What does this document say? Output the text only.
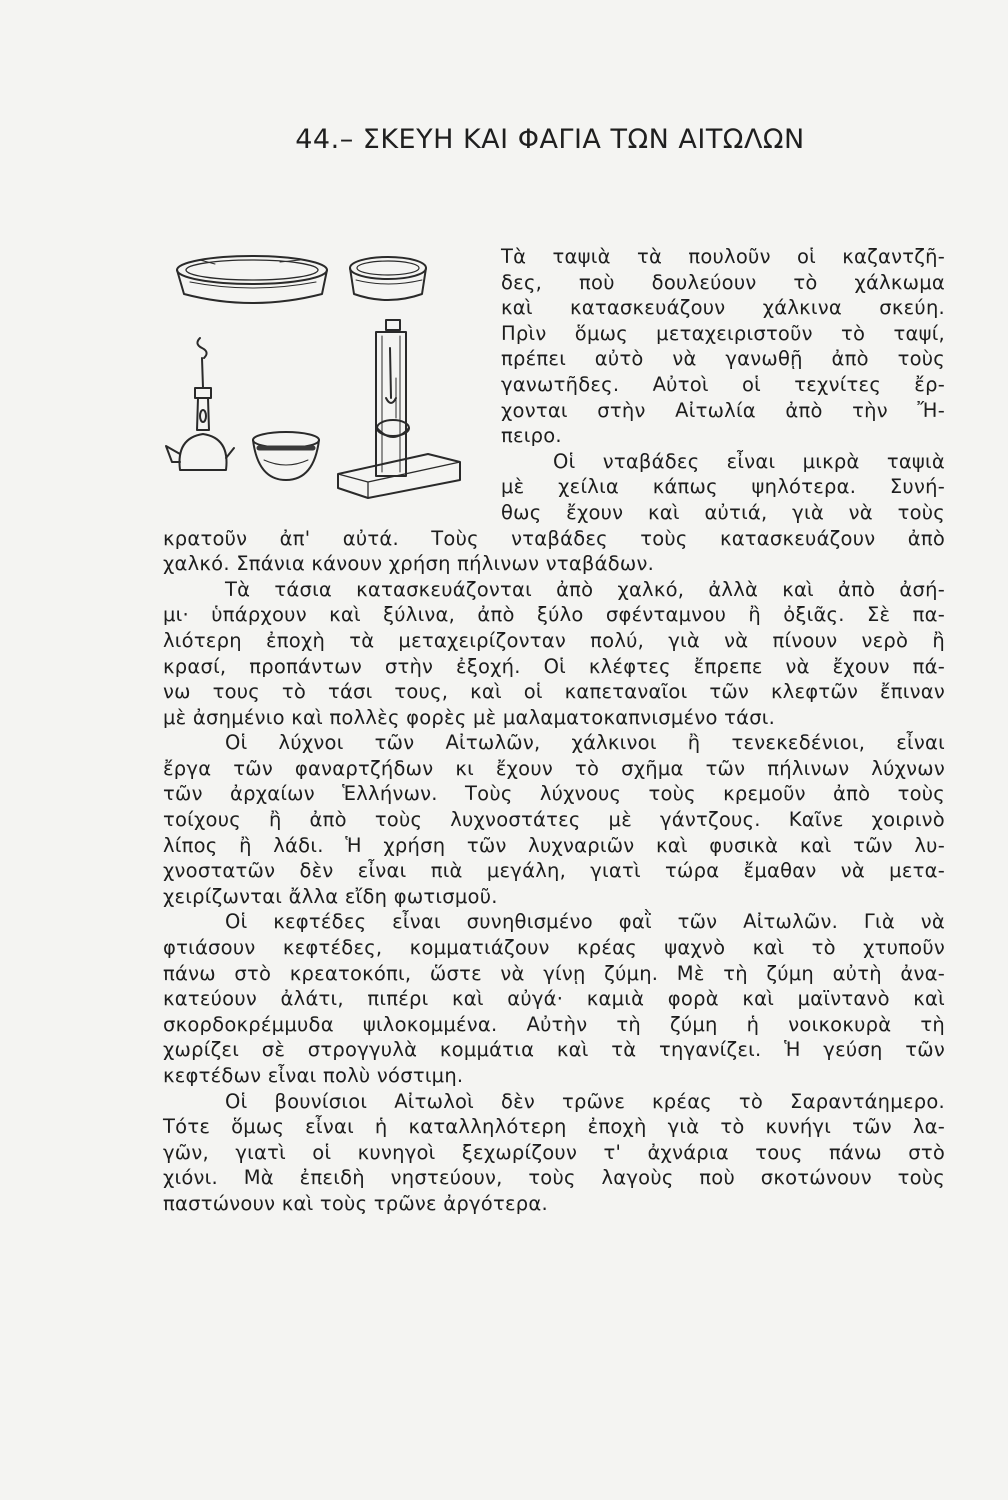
44.– ΣΚΕΥΗ ΚΑΙ ΦΑΓΙΑ ΤΩΝ ΑΙΤΩΛΩΝ
Τὰ ταψιὰ τὰ πουλοῦν οἱ καζαντζῆ-
δες, ποὺ δουλεύουν τὸ χάλκωμα
καὶ κατασκευάζουν χάλκινα σκεύη.
Πρὶν ὅμως μεταχειριστοῦν τὸ ταψί,
πρέπει αὐτὸ νὰ γανωθῇ ἀπὸ τοὺς
γανωτῆδες. Αὐτοὶ οἱ τεχνίτες ἔρ-
χονται στὴν Αἰτωλία ἀπὸ τὴν Ἤ-
πειρο.
Οἱ νταβάδες εἶναι μικρὰ ταψιὰ
μὲ χείλια κάπως ψηλότερα. Συνή-
θως ἔχουν καὶ αὐτιά, γιὰ νὰ τοὺς
κρατοῦν ἀπ' αὐτά. Τοὺς νταβάδες τοὺς κατασκευάζουν ἀπὸ
χαλκό. Σπάνια κάνουν χρήση πήλινων νταβάδων.
Τὰ τάσια κατασκευάζονται ἀπὸ χαλκό, ἀλλὰ καὶ ἀπὸ ἀσή-
μι· ὑπάρχουν καὶ ξύλινα, ἀπὸ ξύλο σφένταμνου ἢ ὀξιᾶς. Σὲ πα-
λιότερη ἐποχὴ τὰ μεταχειρίζονταν πολύ, γιὰ νὰ πίνουν νερὸ ἢ
κρασί, προπάντων στὴν ἐξοχή. Οἱ κλέφτες ἔπρεπε νὰ ἔχουν πά-
νω τους τὸ τάσι τους, καὶ οἱ καπεταναῖοι τῶν κλεφτῶν ἔπιναν
μὲ ἀσημένιο καὶ πολλὲς φορὲς μὲ μαλαματοκαπνισμένο τάσι.
Οἱ λύχνοι τῶν Αἰτωλῶν, χάλκινοι ἢ τενεκεδένιοι, εἶναι
ἔργα τῶν φαναρτζήδων κι ἔχουν τὸ σχῆμα τῶν πήλινων λύχνων
τῶν ἀρχαίων Ἑλλήνων. Τοὺς λύχνους τοὺς κρεμοῦν ἀπὸ τοὺς
τοίχους ἢ ἀπὸ τοὺς λυχνοστάτες μὲ γάντζους. Καῖνε χοιρινὸ
λίπος ἢ λάδι. Ἡ χρήση τῶν λυχναριῶν καὶ φυσικὰ καὶ τῶν λυ-
χνοστατῶν δὲν εἶναι πιὰ μεγάλη, γιατὶ τώρα ἔμαθαν νὰ μετα-
χειρίζωνται ἄλλα εἴδη φωτισμοῦ.
Οἱ κεφτέδες εἶναι συνηθισμένο φαῒ τῶν Αἰτωλῶν. Γιὰ νὰ
φτιάσουν κεφτέδες, κομματιάζουν κρέας ψαχνὸ καὶ τὸ χτυποῦν
πάνω στὸ κρεατοκόπι, ὥστε νὰ γίνῃ ζύμη. Μὲ τὴ ζύμη αὐτὴ ἀνα-
κατεύουν ἀλάτι, πιπέρι καὶ αὐγά· καμιὰ φορὰ καὶ μαϊντανὸ καὶ
σκορδοκρέμμυδα ψιλοκομμένα. Αὐτὴν τὴ ζύμη ἡ νοικοκυρὰ τὴ
χωρίζει σὲ στρογγυλὰ κομμάτια καὶ τὰ τηγανίζει. Ἡ γεύση τῶν
κεφτέδων εἶναι πολὺ νόστιμη.
Οἱ βουνίσιοι Αἰτωλοὶ δὲν τρῶνε κρέας τὸ Σαραντάημερο.
Τότε ὅμως εἶναι ἡ καταλληλότερη ἐποχὴ γιὰ τὸ κυνήγι τῶν λα-
γῶν, γιατὶ οἱ κυνηγοὶ ξεχωρίζουν τ' ἀχνάρια τους πάνω στὸ
χιόνι. Μὰ ἐπειδὴ νηστεύουν, τοὺς λαγοὺς ποὺ σκοτώνουν τοὺς
παστώνουν καὶ τοὺς τρῶνε ἀργότερα.
